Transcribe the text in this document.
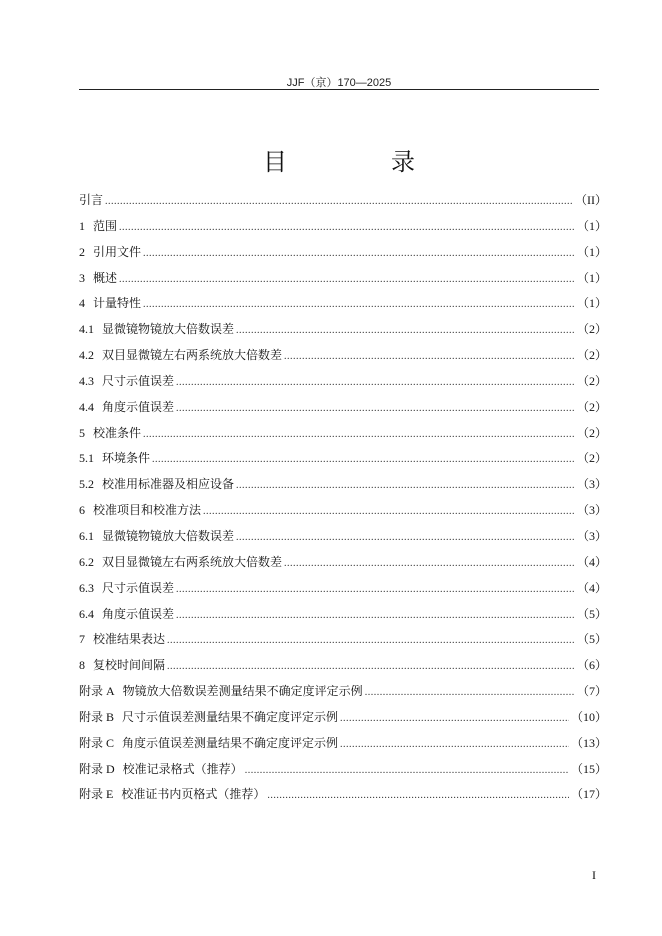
JJF（京）170—2025
目　录
引言 .....	（II）
1 范围 .....	（1）
2 引用文件 .....	（1）
3 概述 .....	（1）
4 计量特性 .....	（1）
4.1 显微镜物镜放大倍数误差 .....	（2）
4.2 双目显微镜左右两系统放大倍数差 .....	（2）
4.3 尺寸示值误差 .....	（2）
4.4 角度示值误差 .....	（2）
5 校准条件 .....	（2）
5.1 环境条件 .....	（2）
5.2 校准用标准器及相应设备 .....	（3）
6 校准项目和校准方法 .....	（3）
6.1 显微镜物镜放大倍数误差 .....	（3）
6.2 双目显微镜左右两系统放大倍数差 .....	（4）
6.3 尺寸示值误差 .....	（4）
6.4 角度示值误差 .....	（5）
7 校准结果表达 .....	（5）
8 复校时间间隔 .....	（6）
附录 A 物镜放大倍数误差测量结果不确定度评定示例 .....	（7）
附录 B 尺寸示值误差测量结果不确定度评定示例 .....	（10）
附录 C 角度示值误差测量结果不确定度评定示例 .....	（13）
附录 D 校准记录格式（推荐） .....	（15）
附录 E 校准证书内页格式（推荐） .....	（17）
I
